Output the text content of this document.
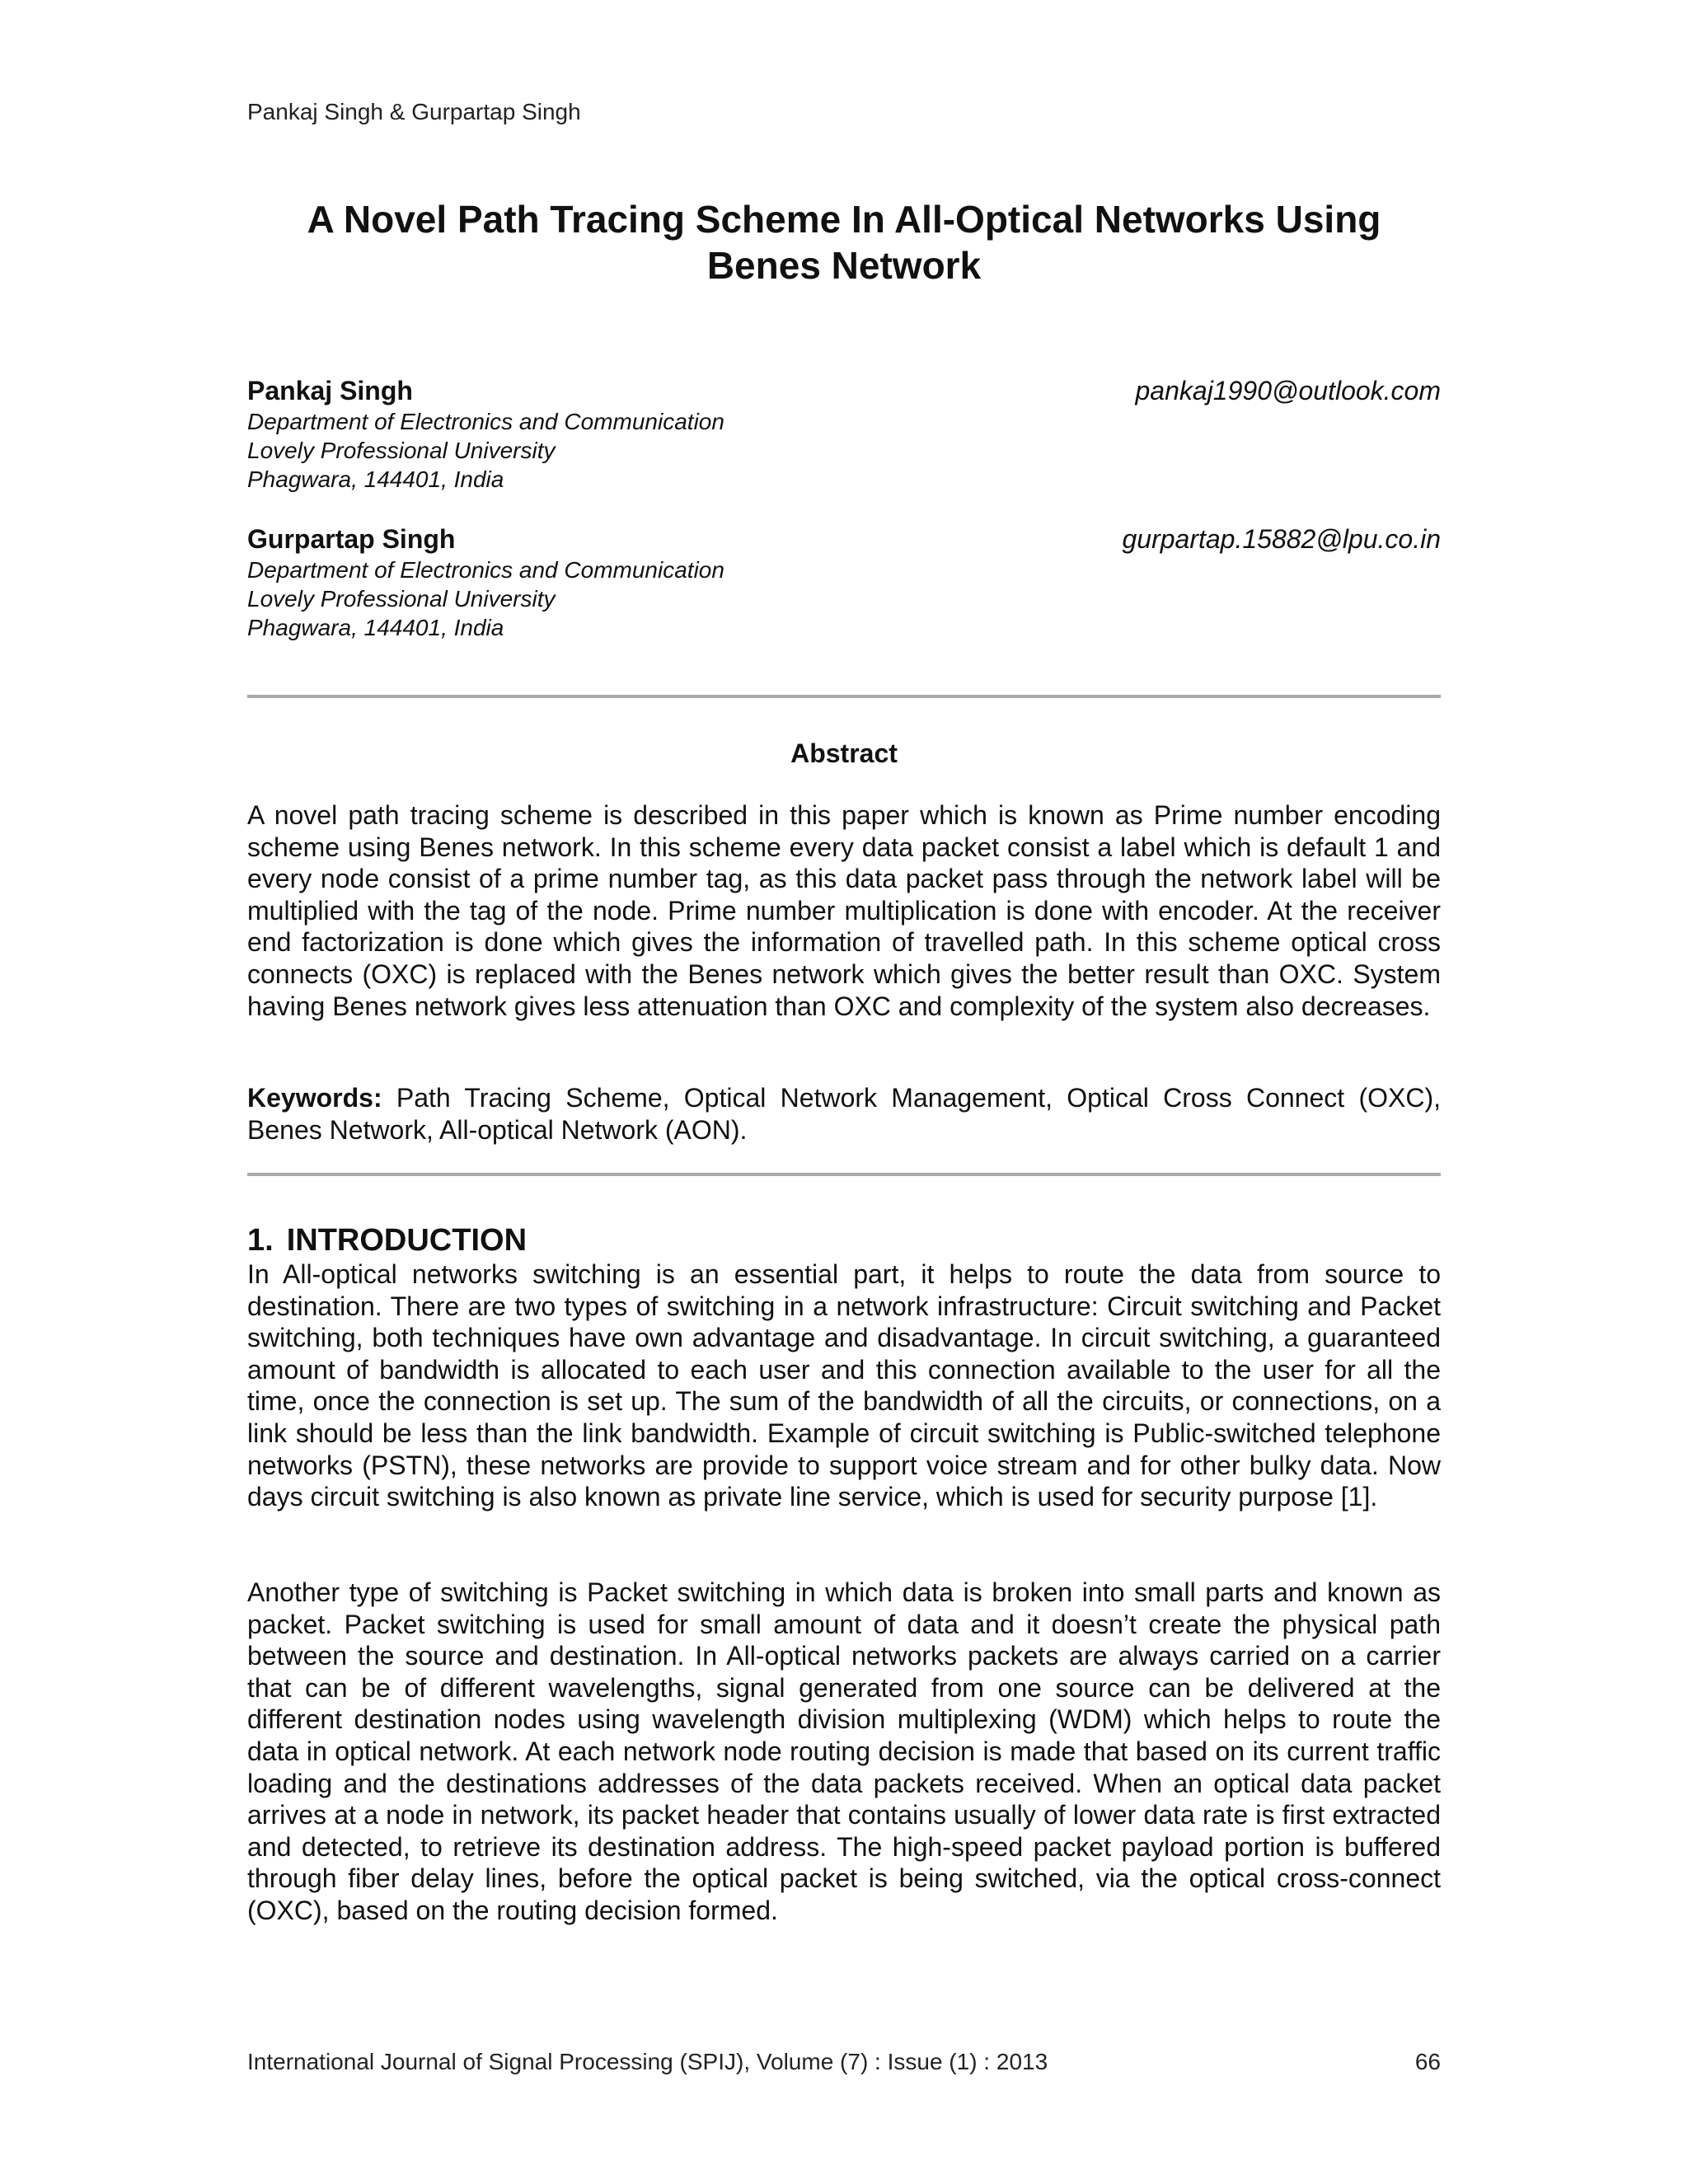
Pankaj Singh & Gurpartap Singh
A Novel Path Tracing Scheme In All-Optical Networks Using Benes Network
Pankaj Singh
Department of Electronics and Communication
Lovely Professional University
Phagwara, 144401, India
pankaj1990@outlook.com
Gurpartap Singh
Department of Electronics and Communication
Lovely Professional University
Phagwara, 144401, India
gurpartap.15882@lpu.co.in
Abstract

A novel path tracing scheme is described in this paper which is known as Prime number encoding scheme using Benes network. In this scheme every data packet consist a label which is default 1 and every node consist of a prime number tag, as this data packet pass through the network label will be multiplied with the tag of the node. Prime number multiplication is done with encoder. At the receiver end factorization is done which gives the information of travelled path. In this scheme optical cross connects (OXC) is replaced with the Benes network which gives the better result than OXC. System having Benes network gives less attenuation than OXC and complexity of the system also decreases.

Keywords: Path Tracing Scheme, Optical Network Management, Optical Cross Connect (OXC), Benes Network, All-optical Network (AON).

1. INTRODUCTION

In All-optical networks switching is an essential part, it helps to route the data from source to destination. There are two types of switching in a network infrastructure: Circuit switching and Packet switching, both techniques have own advantage and disadvantage. In circuit switching, a guaranteed amount of bandwidth is allocated to each user and this connection available to the user for all the time, once the connection is set up. The sum of the bandwidth of all the circuits, or connections, on a link should be less than the link bandwidth. Example of circuit switching is Public-switched telephone networks (PSTN), these networks are provide to support voice stream and for other bulky data. Now days circuit switching is also known as private line service, which is used for security purpose [1].

Another type of switching is Packet switching in which data is broken into small parts and known as packet. Packet switching is used for small amount of data and it doesn’t create the physical path between the source and destination. In All-optical networks packets are always carried on a carrier that can be of different wavelengths, signal generated from one source can be delivered at the different destination nodes using wavelength division multiplexing (WDM) which helps to route the data in optical network. At each network node routing decision is made that based on its current traffic loading and the destinations addresses of the data packets received. When an optical data packet arrives at a node in network, its packet header that contains usually of lower data rate is first extracted and detected, to retrieve its destination address. The high-speed packet payload portion is buffered through fiber delay lines, before the optical packet is being switched, via the optical cross-connect (OXC), based on the routing decision formed.

International Journal of Signal Processing (SPIJ), Volume (7) : Issue (1) : 2013	66
